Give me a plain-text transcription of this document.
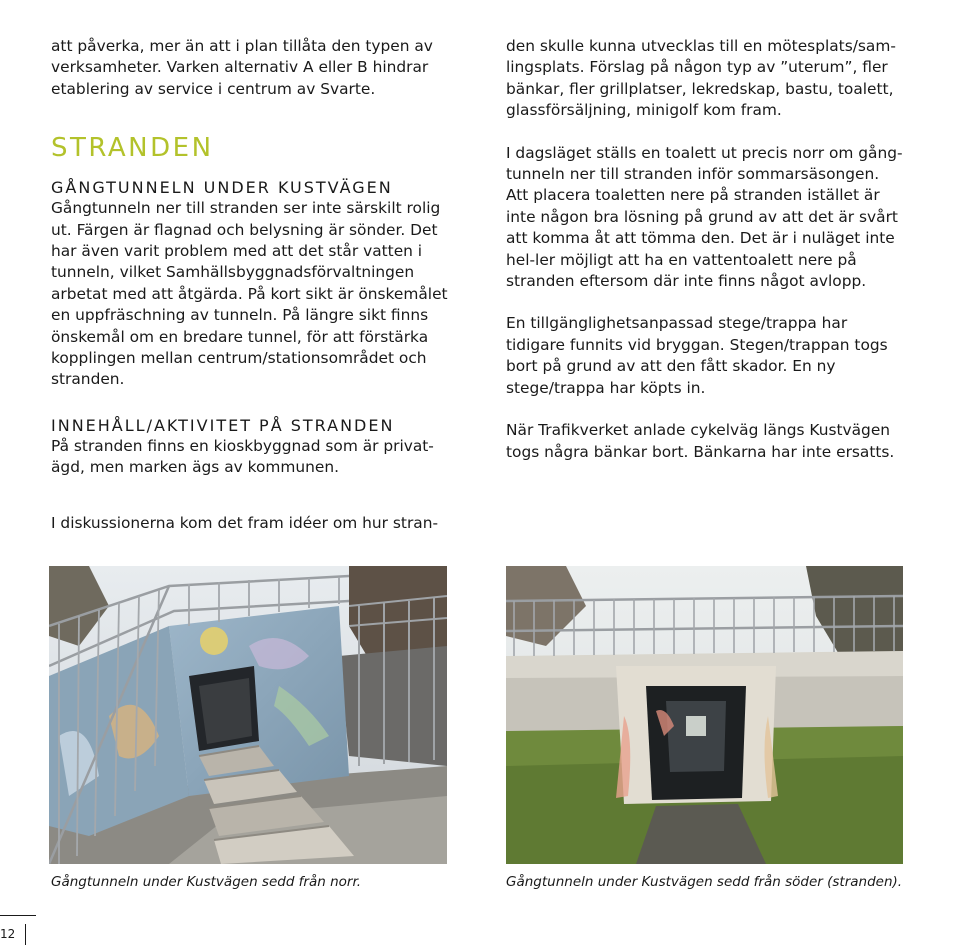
att påverka, mer än att i plan tillåta den typen av verksamheter. Varken alternativ A eller B hindrar etablering av service i centrum av Svarte.

STRANDEN
GÅNGTUNNELN UNDER KUSTVÄGEN

Gångtunneln ner till stranden ser inte särskilt rolig ut. Färgen är flagnad och belysning är sönder. Det har även varit problem med att det står vatten i tunneln, vilket Samhällsbyggnadsförvaltningen arbetat med att åtgärda. På kort sikt är önskemålet en uppfräschning av tunneln. På längre sikt finns önskemål om en bredare tunnel, för att förstärka kopplingen mellan centrum/stationsområdet och stranden.

INNEHÅLL/AKTIVITET PÅ STRANDEN

På stranden finns en kioskbyggnad som är privat-ägd, men marken ägs av kommunen.

I diskussionerna kom det fram idéer om hur stran-

den skulle kunna utvecklas till en mötesplats/sam-lingsplats. Förslag på någon typ av ”uterum”, fler bänkar, fler grillplatser, lekredskap, bastu, toalett, glassförsäljning, minigolf kom fram.

I dagsläget ställs en toalett ut precis norr om gång-tunneln ner till stranden inför sommarsäsongen. Att placera toaletten nere på stranden istället är inte någon bra lösning på grund av att det är svårt att komma åt att tömma den. Det är i nuläget inte hel-ler möjligt att ha en vattentoalett nere på stranden eftersom där inte finns något avlopp.

En tillgänglighetsanpassad stege/trappa har tidigare funnits vid bryggan. Stegen/trappan togs bort på grund av att den fått skador. En ny stege/trappa har köpts in.

När Trafikverket anlade cykelväg längs Kustvägen togs några bänkar bort. Bänkarna har inte ersatts.

Gångtunneln under Kustvägen sedd från norr.	Gångtunneln under Kustvägen sedd från söder (stranden).
12
